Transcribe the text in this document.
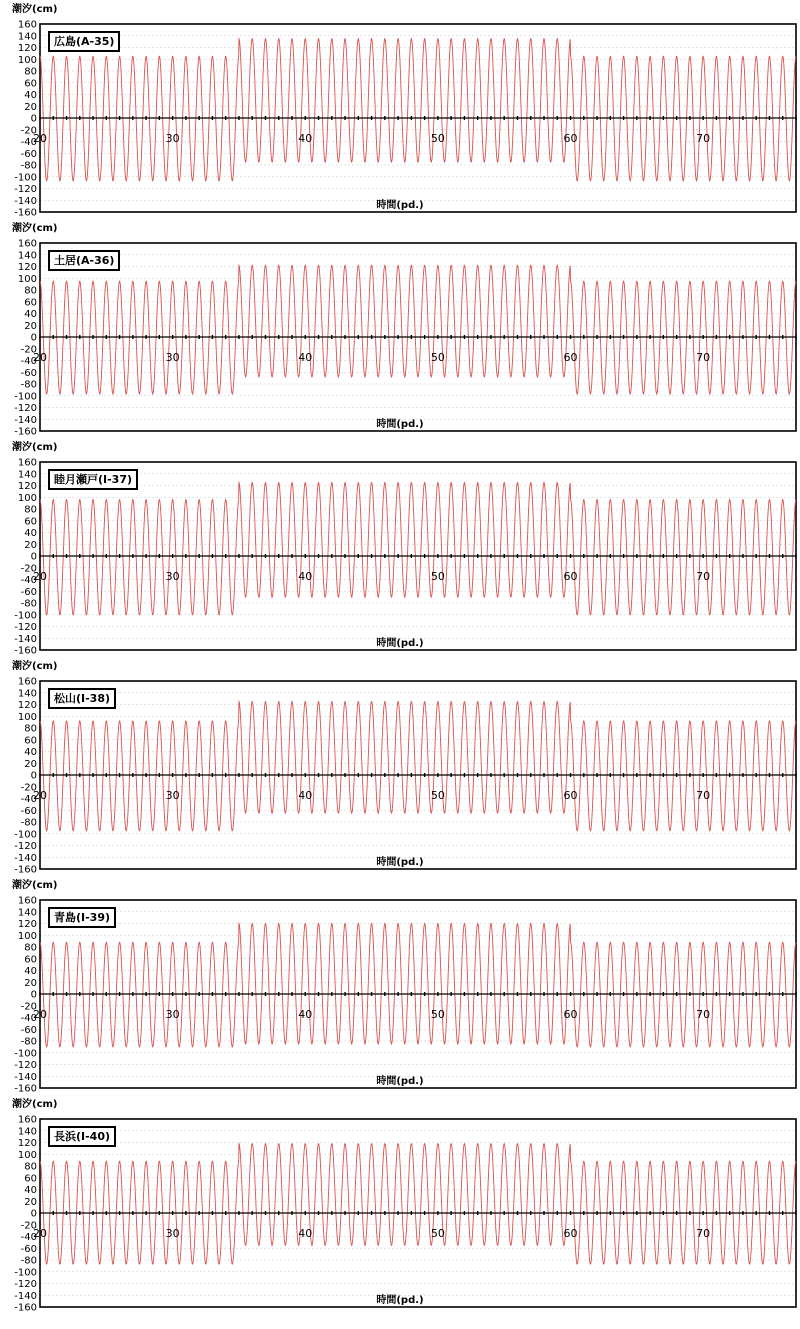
160
140
120
100
80
60
40
20
0
-20
-40
-60
-80
-100
-120
-140
-160
20	30	40	50	60	70
潮汐(cm)
広島(A-35)
時間(pd.)
160
140
120
100
80
60
40
20
0
-20
-40
-60
-80
-100
-120
-140
-160
20	30	40	50	60	70
潮汐(cm)
土居(A-36)
時間(pd.)
160
140
120
100
80
60
40
20
0
-20
-40
-60
-80
-100
-120
-140
-160
20	30	40	50	60	70
潮汐(cm)
睦月瀬戸(I-37)
時間(pd.)
160
140
120
100
80
60
40
20
0
-20
-40
-60
-80
-100
-120
-140
-160
20	30	40	50	60	70
潮汐(cm)
松山(I-38)
時間(pd.)
160
140
120
100
80
60
40
20
0
-20
-40
-60
-80
-100
-120
-140
-160
20	30	40	50	60	70
潮汐(cm)
青島(I-39)
時間(pd.)
160
140
120
100
80
60
40
20
0
-20
-40
-60
-80
-100
-120
-140
-160
20	30	40	50	60	70
潮汐(cm)
長浜(I-40)
時間(pd.)
